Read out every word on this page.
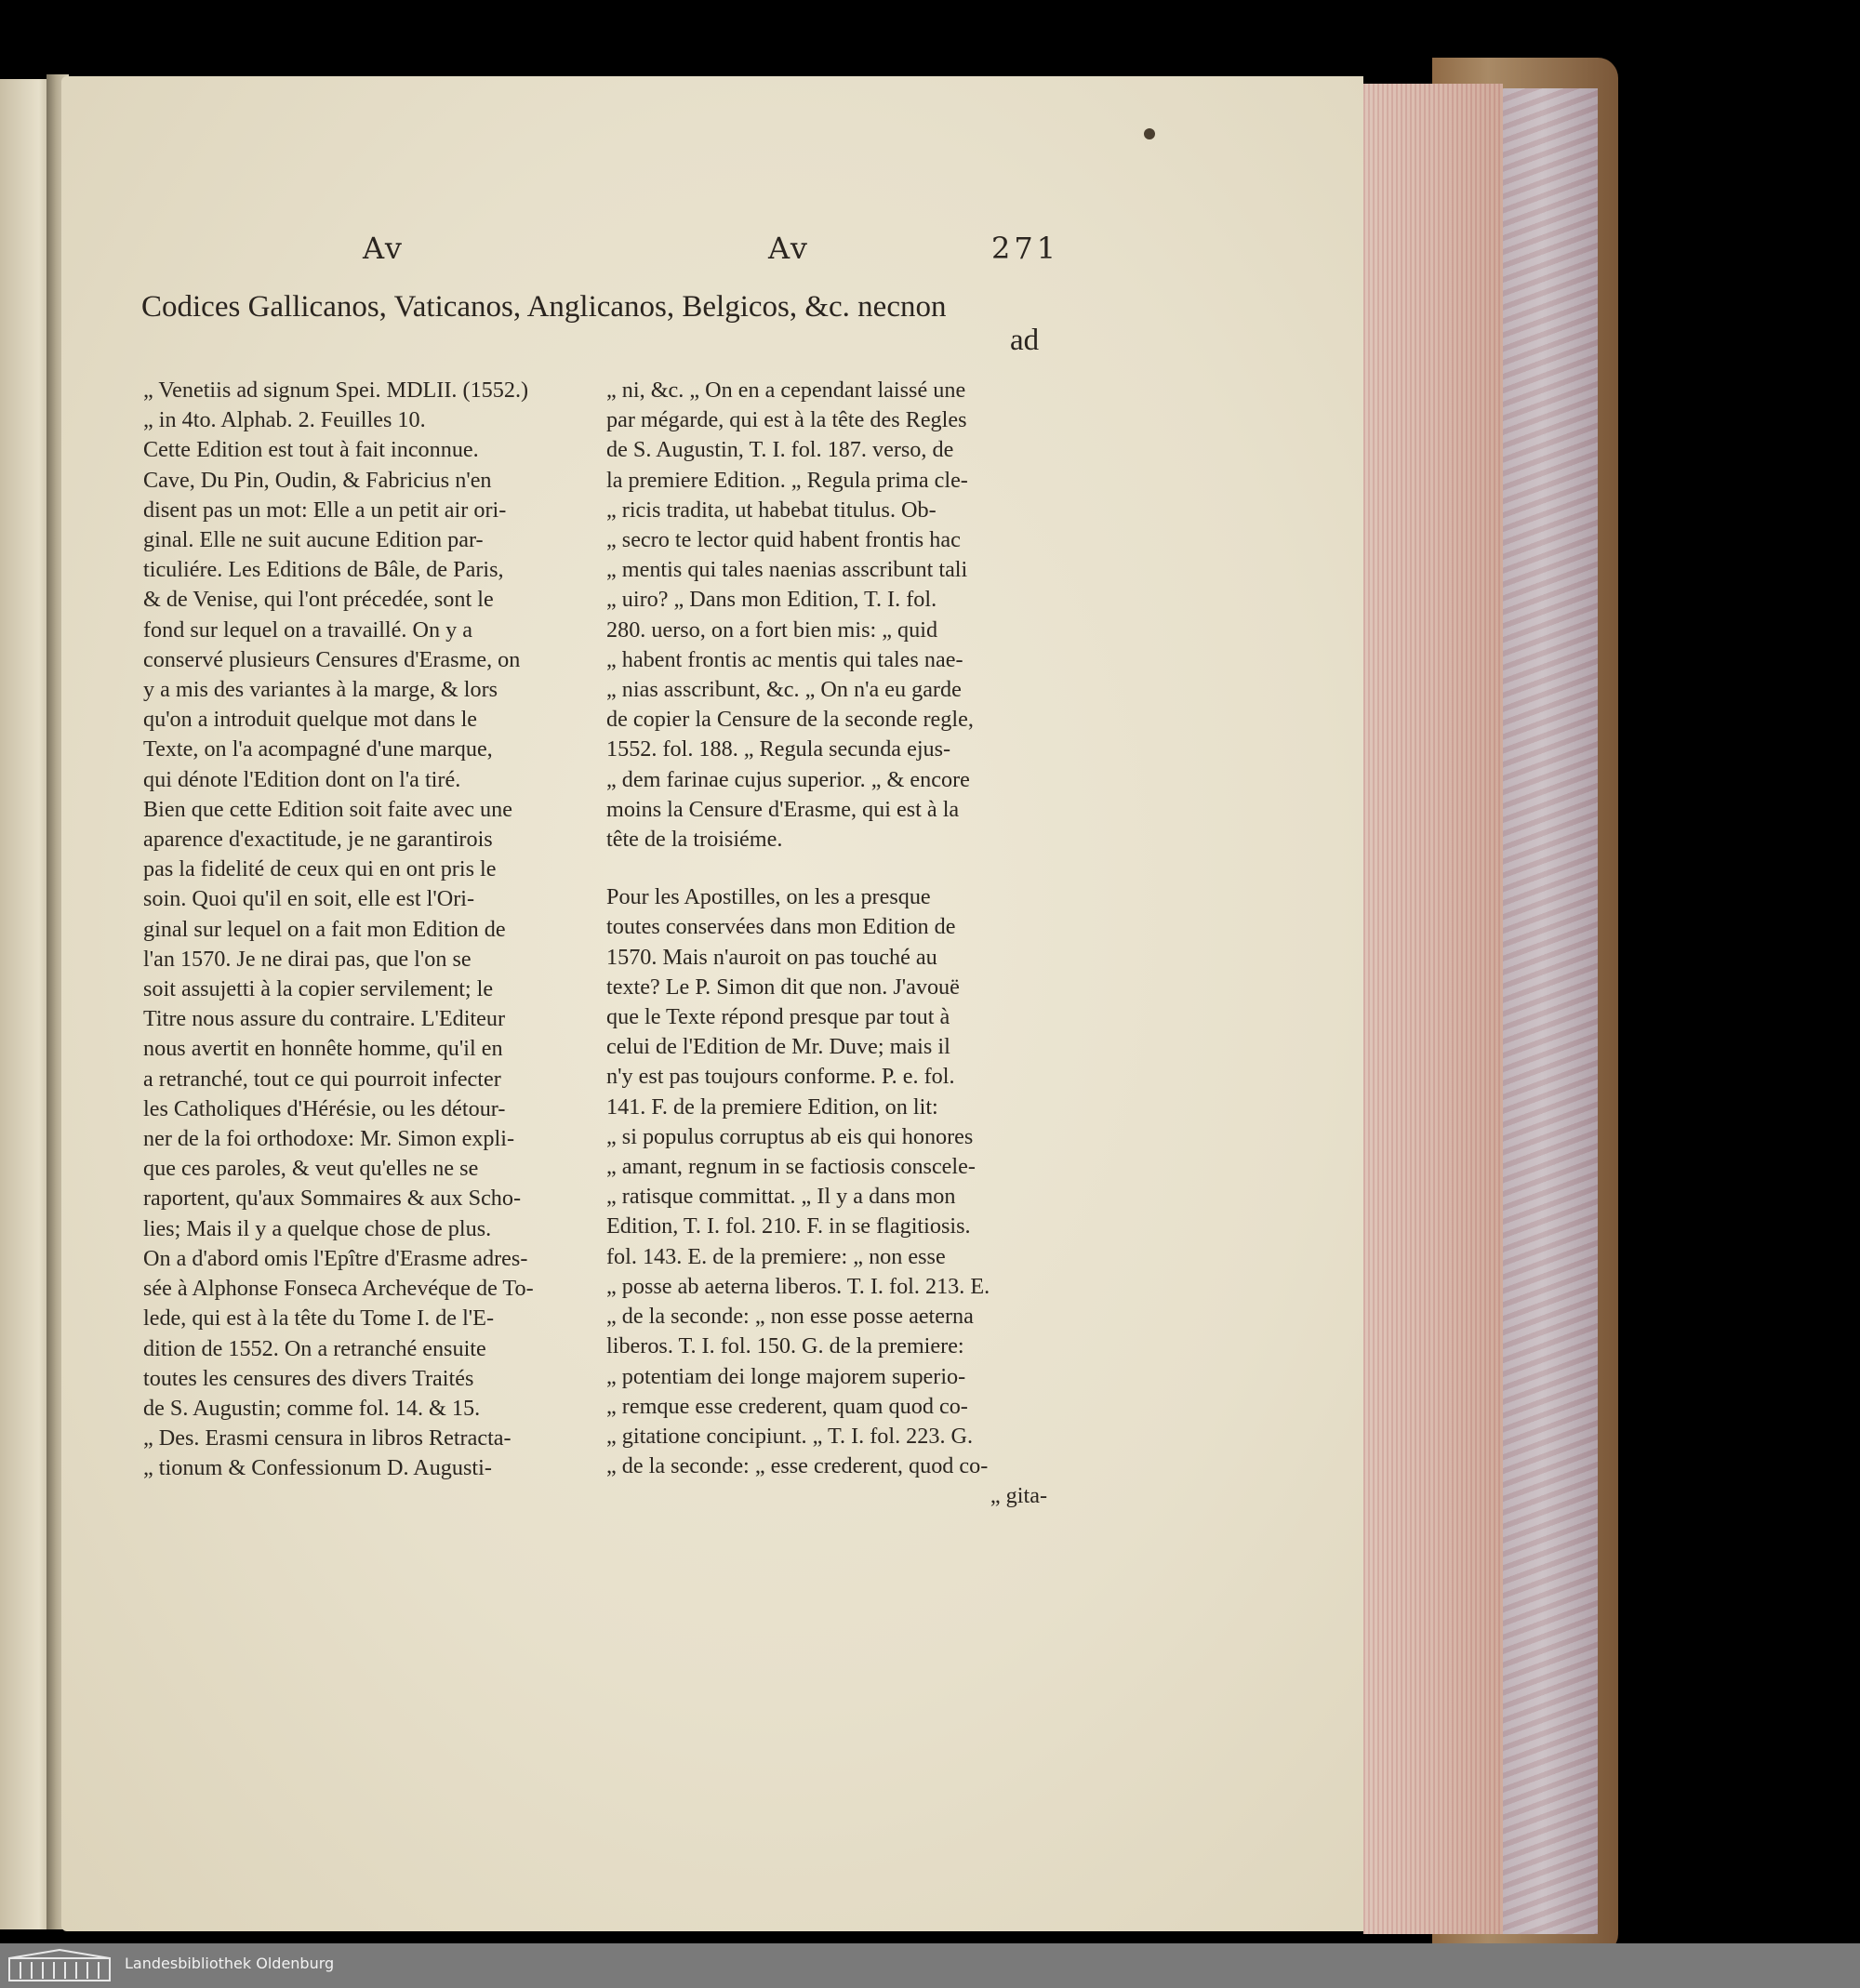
Av	Av	271
Codices Gallicanos, Vaticanos, Anglicanos, Belgicos, &c. necnon
ad
„ Venetiis ad signum Spei. MDLII. (1552.)
„ in 4to. Alphab. 2. Feuilles 10.
Cette Edition est tout à fait inconnue.
Cave, Du Pin, Oudin, & Fabricius n'en
disent pas un mot: Elle a un petit air ori-
ginal. Elle ne suit aucune Edition par-
ticuliére. Les Editions de Bâle, de Paris,
& de Venise, qui l'ont précedée, sont le
fond sur lequel on a travaillé. On y a
conservé plusieurs Censures d'Erasme, on
y a mis des variantes à la marge, & lors
qu'on a introduit quelque mot dans le
Texte, on l'a acompagné d'une marque,
qui dénote l'Edition dont on l'a tiré.
Bien que cette Edition soit faite avec une
aparence d'exactitude, je ne garantirois
pas la fidelité de ceux qui en ont pris le
soin. Quoi qu'il en soit, elle est l'Ori-
ginal sur lequel on a fait mon Edition de
l'an 1570. Je ne dirai pas, que l'on se
soit assujetti à la copier servilement; le
Titre nous assure du contraire. L'Editeur
nous avertit en honnête homme, qu'il en
a retranché, tout ce qui pourroit infecter
les Catholiques d'Hérésie, ou les détour-
ner de la foi orthodoxe: Mr. Simon expli-
que ces paroles, & veut qu'elles ne se
raportent, qu'aux Sommaires & aux Scho-
lies; Mais il y a quelque chose de plus.
On a d'abord omis l'Epître d'Erasme adres-
sée à Alphonse Fonseca Archevéque de To-
lede, qui est à la tête du Tome I. de l'E-
dition de 1552. On a retranché ensuite
toutes les censures des divers Traités
de S. Augustin; comme fol. 14. & 15.
„ Des. Erasmi censura in libros Retracta-
„ tionum & Confessionum D. Augusti-
„ ni, &c. „ On en a cependant laissé une
par mégarde, qui est à la tête des Regles
de S. Augustin, T. I. fol. 187. verso, de
la premiere Edition. „ Regula prima cle-
„ ricis tradita, ut habebat titulus. Ob-
„ secro te lector quid habent frontis hac
„ mentis qui tales naenias asscribunt tali
„ uiro? „ Dans mon Edition, T. I. fol.
280. uerso, on a fort bien mis: „ quid
„ habent frontis ac mentis qui tales nae-
„ nias asscribunt, &c. „ On n'a eu garde
de copier la Censure de la seconde regle,
1552. fol. 188. „ Regula secunda ejus-
„ dem farinae cujus superior. „ & encore
moins la Censure d'Erasme, qui est à la
tête de la troisiéme.
Pour les Apostilles, on les a presque
toutes conservées dans mon Edition de
1570. Mais n'auroit on pas touché au
texte? Le P. Simon dit que non. J'avouë
que le Texte répond presque par tout à
celui de l'Edition de Mr. Duve; mais il
n'y est pas toujours conforme. P. e. fol.
141. F. de la premiere Edition, on lit:
„ si populus corruptus ab eis qui honores
„ amant, regnum in se factiosis conscele-
„ ratisque committat. „ Il y a dans mon
Edition, T. I. fol. 210. F. in se flagitiosis.
fol. 143. E. de la premiere: „ non esse
„ posse ab aeterna liberos. T. I. fol. 213. E.
„ de la seconde: „ non esse posse aeterna
liberos. T. I. fol. 150. G. de la premiere:
„ potentiam dei longe majorem superio-
„ remque esse crederent, quam quod co-
„ gitatione concipiunt. „ T. I. fol. 223. G.
„ de la seconde: „ esse crederent, quod co-
„ gita-
Landesbibliothek Oldenburg
